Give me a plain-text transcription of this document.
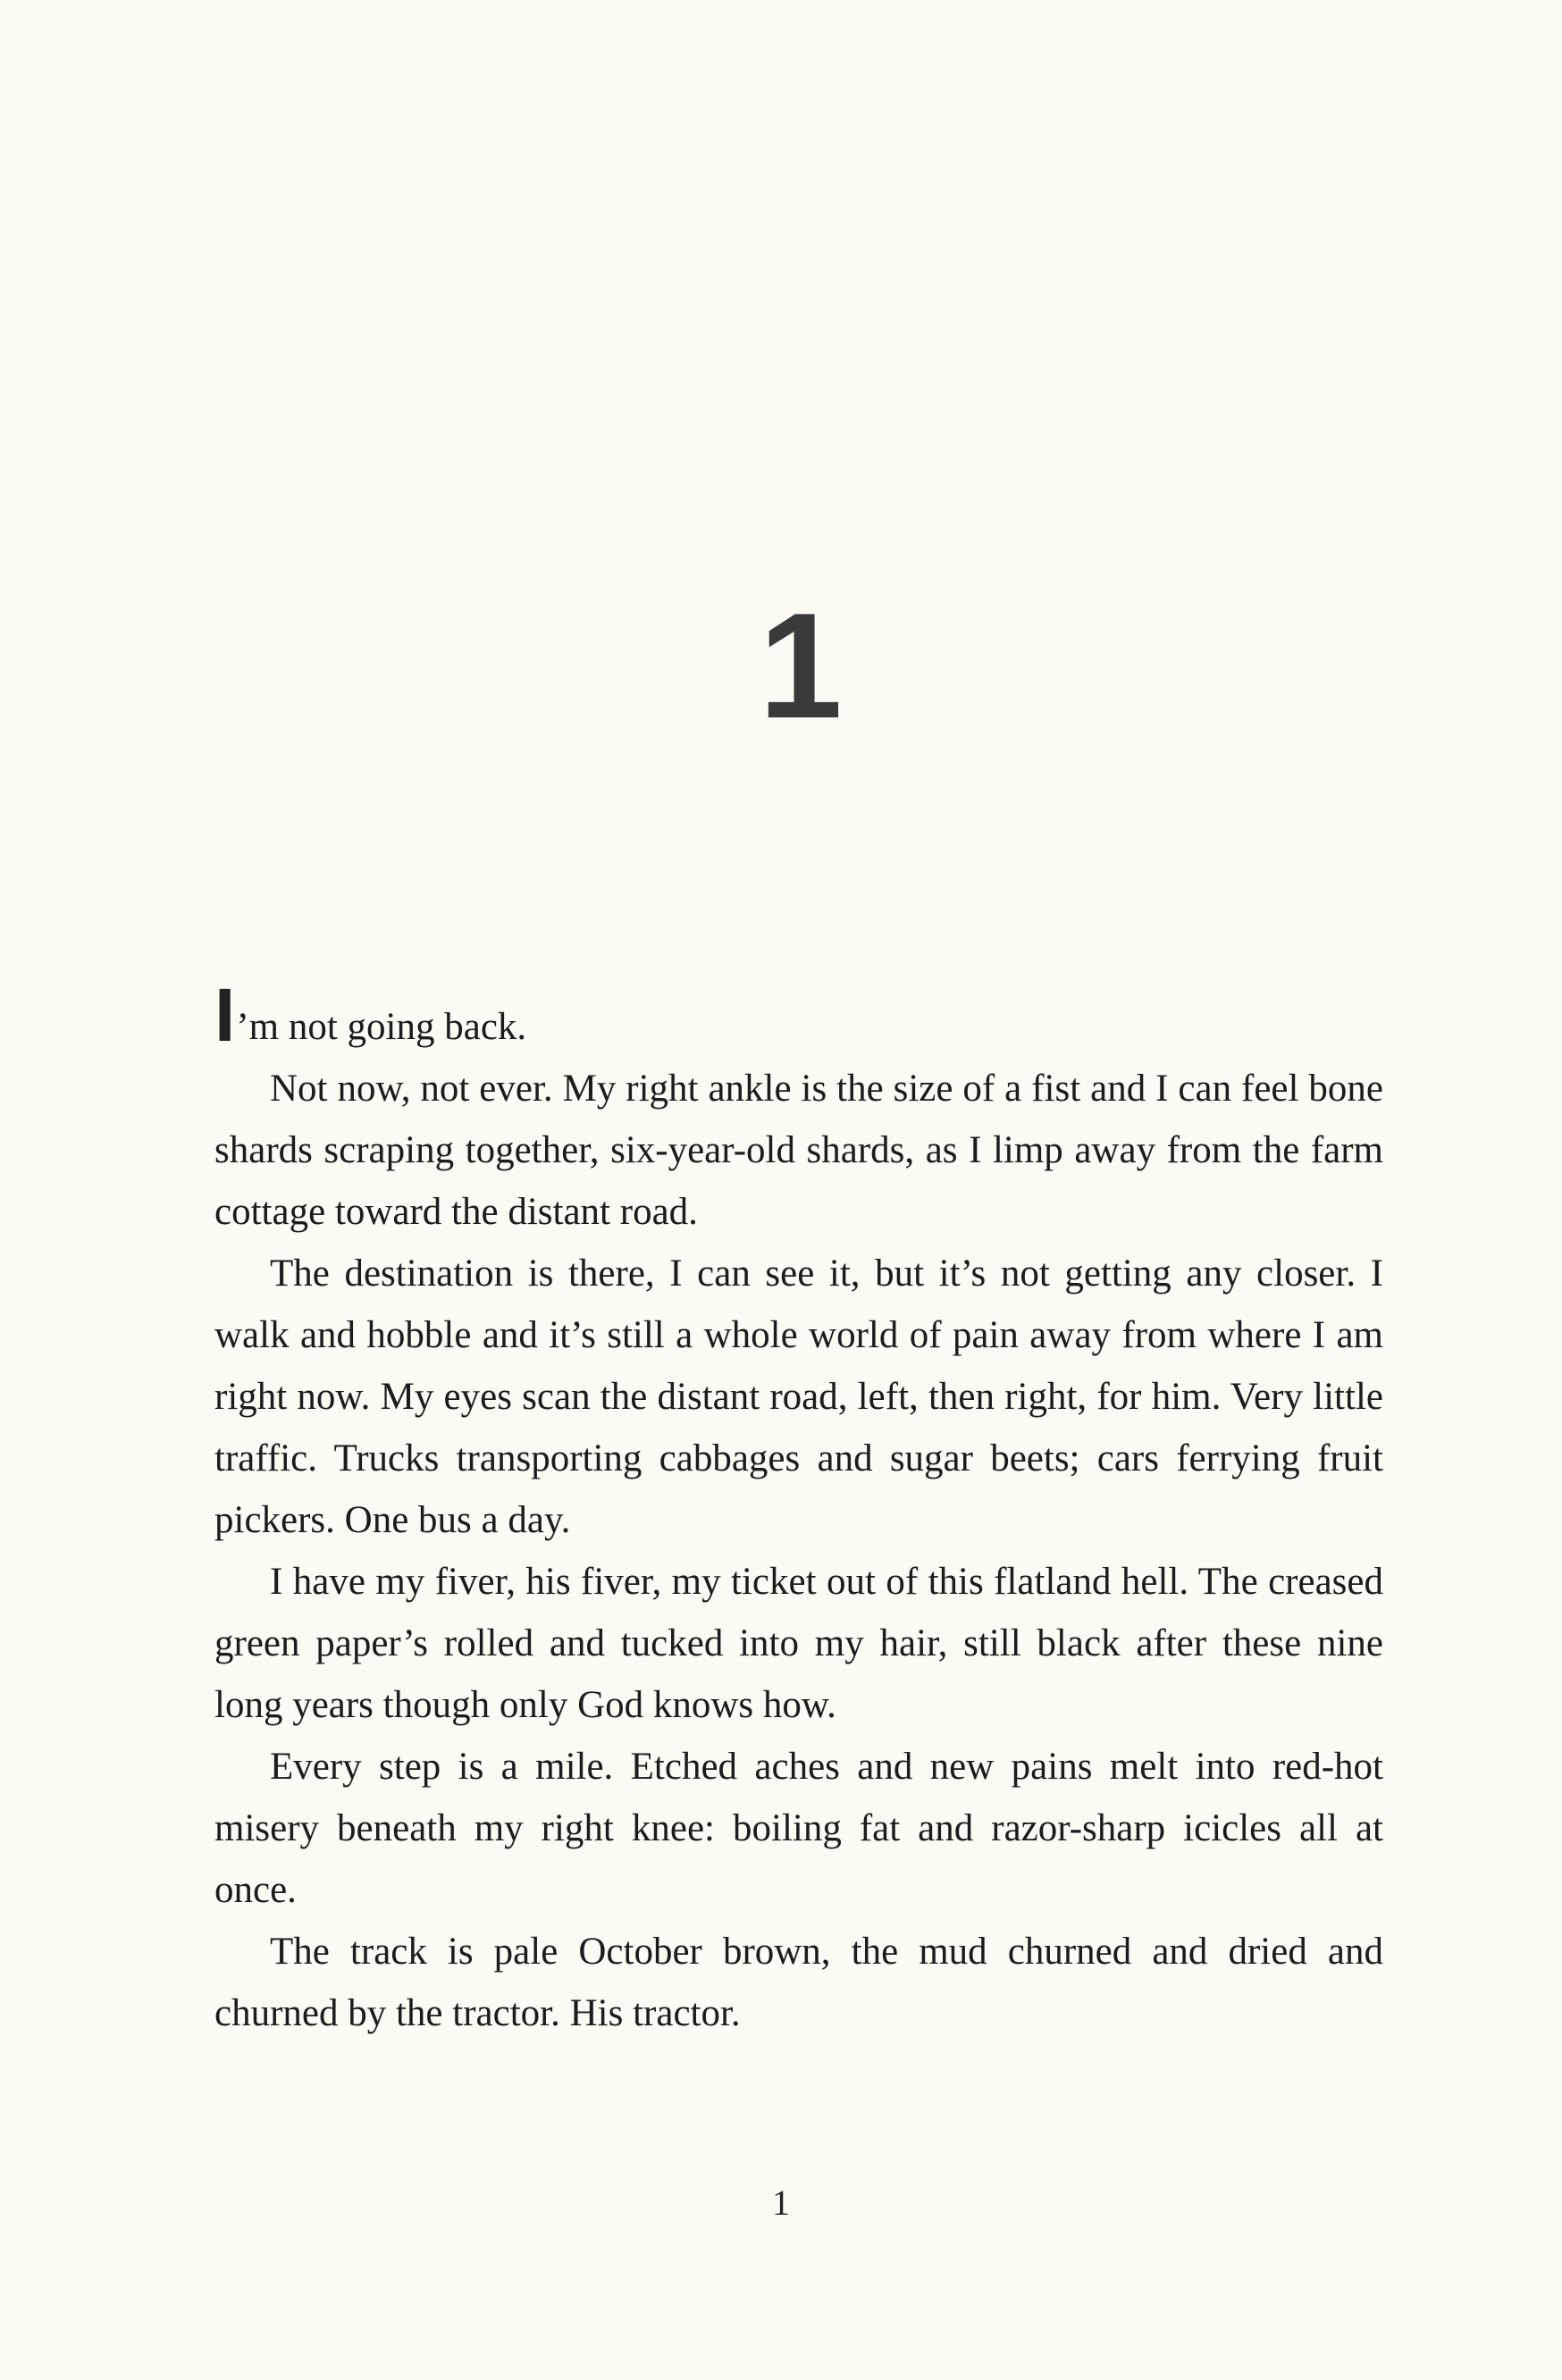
1

I’m not going back.

Not now, not ever. My right ankle is the size of a fist and I can feel bone shards scraping together, six-year-old shards, as I limp away from the farm cottage toward the distant road.

The destination is there, I can see it, but it’s not getting any closer. I walk and hobble and it’s still a whole world of pain away from where I am right now. My eyes scan the distant road, left, then right, for him. Very little traffic. Trucks transporting cabbages and sugar beets; cars ferrying fruit pickers. One bus a day.

I have my fiver, his fiver, my ticket out of this flatland hell. The creased green paper’s rolled and tucked into my hair, still black after these nine long years though only God knows how.

Every step is a mile. Etched aches and new pains melt into red-hot misery beneath my right knee: boiling fat and razor-sharp icicles all at once.

The track is pale October brown, the mud churned and dried and churned by the tractor. His tractor.

1
